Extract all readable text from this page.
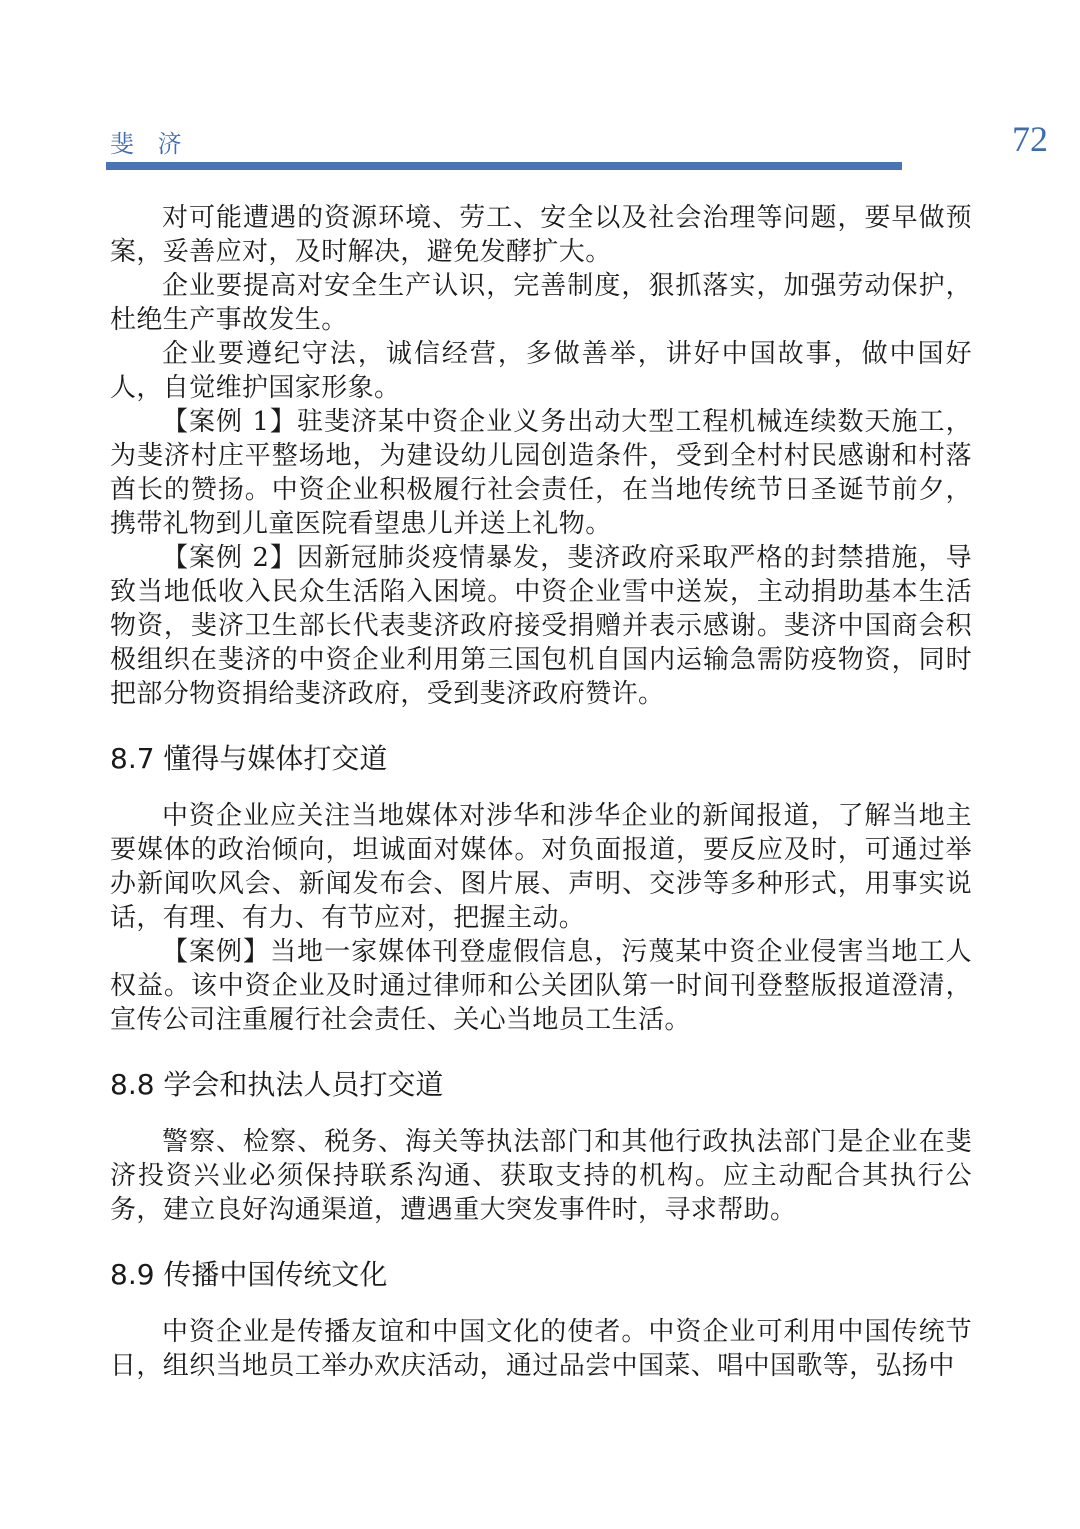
斐 济	72

对可能遭遇的资源环境、劳工、安全以及社会治理等问题，要早做预案，妥善应对，及时解决，避免发酵扩大。

企业要提高对安全生产认识，完善制度，狠抓落实，加强劳动保护，杜绝生产事故发生。

企业要遵纪守法，诚信经营，多做善举，讲好中国故事，做中国好人，自觉维护国家形象。

【案例 1】驻斐济某中资企业义务出动大型工程机械连续数天施工，为斐济村庄平整场地，为建设幼儿园创造条件，受到全村村民感谢和村落酋长的赞扬。中资企业积极履行社会责任，在当地传统节日圣诞节前夕，携带礼物到儿童医院看望患儿并送上礼物。

【案例 2】因新冠肺炎疫情暴发，斐济政府采取严格的封禁措施，导致当地低收入民众生活陷入困境。中资企业雪中送炭，主动捐助基本生活物资，斐济卫生部长代表斐济政府接受捐赠并表示感谢。斐济中国商会积极组织在斐济的中资企业利用第三国包机自国内运输急需防疫物资，同时把部分物资捐给斐济政府，受到斐济政府赞许。

8.7 懂得与媒体打交道

中资企业应关注当地媒体对涉华和涉华企业的新闻报道，了解当地主要媒体的政治倾向，坦诚面对媒体。对负面报道，要反应及时，可通过举办新闻吹风会、新闻发布会、图片展、声明、交涉等多种形式，用事实说话，有理、有力、有节应对，把握主动。

【案例】当地一家媒体刊登虚假信息，污蔑某中资企业侵害当地工人权益。该中资企业及时通过律师和公关团队第一时间刊登整版报道澄清，宣传公司注重履行社会责任、关心当地员工生活。

8.8 学会和执法人员打交道

警察、检察、税务、海关等执法部门和其他行政执法部门是企业在斐济投资兴业必须保持联系沟通、获取支持的机构。应主动配合其执行公务，建立良好沟通渠道，遭遇重大突发事件时，寻求帮助。

8.9 传播中国传统文化

中资企业是传播友谊和中国文化的使者。中资企业可利用中国传统节日，组织当地员工举办欢庆活动，通过品尝中国菜、唱中国歌等，弘扬中
